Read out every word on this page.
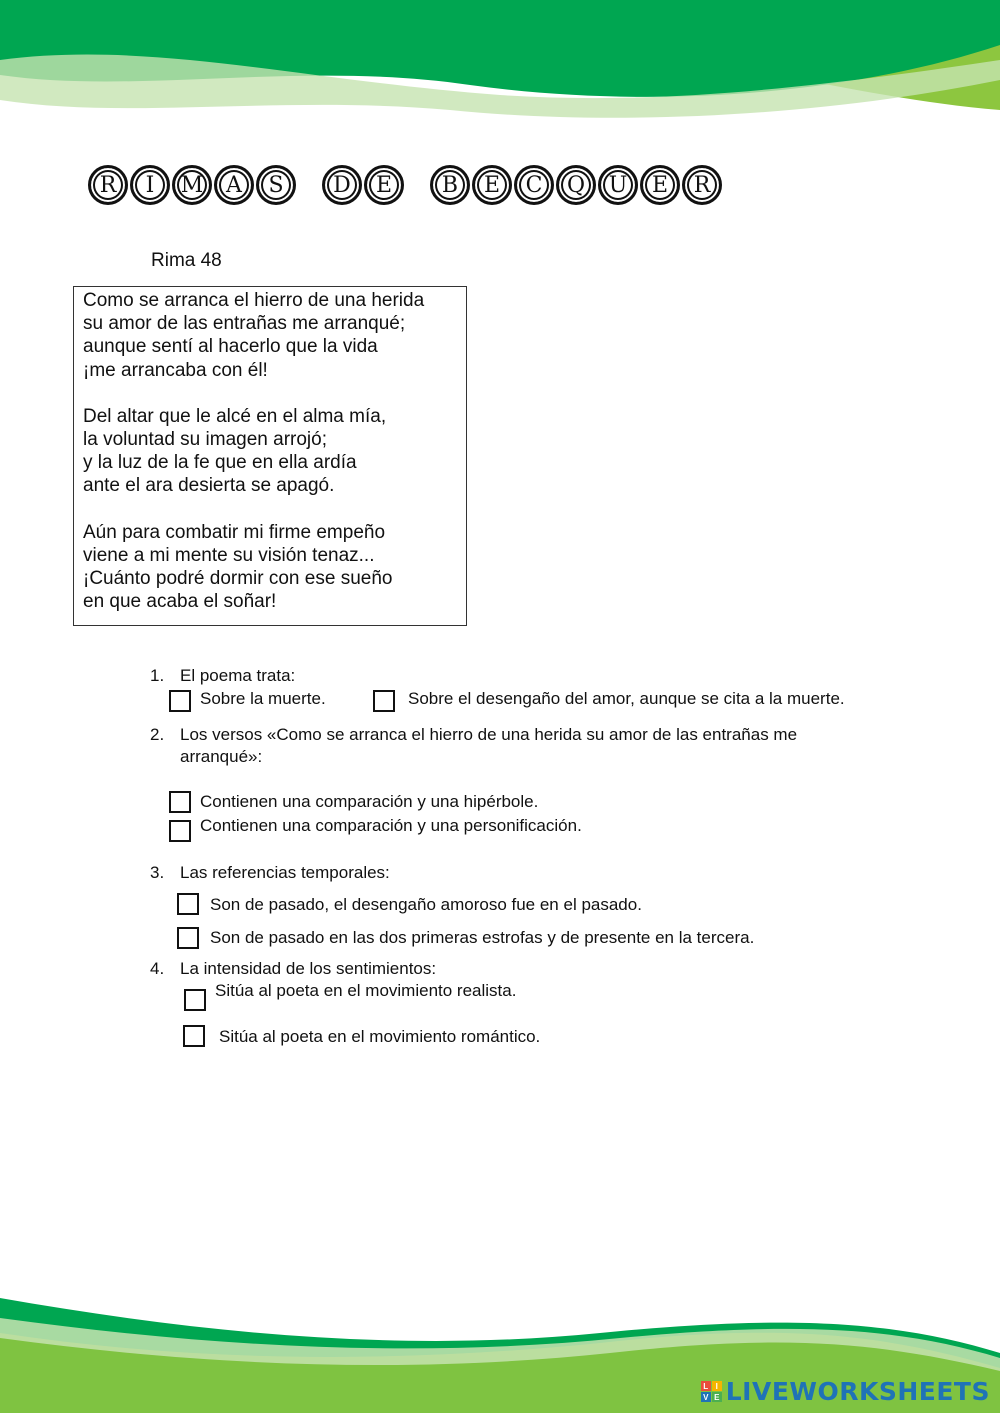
R	I	M	A	S	D	E	B	E	C	Q	U	E	R
Rima 48
Como se arranca el hierro de una herida
su amor de las entrañas me arranqué;
aunque sentí al hacerlo que la vida
¡me arrancaba con él!
Del altar que le alcé en el alma mía,
la voluntad su imagen arrojó;
y la luz de la fe que en ella ardía
ante el ara desierta se apagó.
Aún para combatir mi firme empeño
viene a mi mente su visión tenaz...
¡Cuánto podré dormir con ese sueño
en que acaba el soñar!
1. El poema trata:
Sobre la muerte.	Sobre el desengaño del amor, aunque se cita a la muerte.
2. Los versos «Como se arranca el hierro de una herida su amor de las entrañas me
arranqué»:
Contienen una comparación y una hipérbole.
Contienen una comparación y una personificación.
3. Las referencias temporales:
Son de pasado, el desengaño amoroso fue en el pasado.
Son de pasado en las dos primeras estrofas y de presente en la tercera.
4. La intensidad de los sentimientos:
Sitúa al poeta en el movimiento realista.
Sitúa al poeta en el movimiento romántico.
L I
V E LIVEWORKSHEETS
